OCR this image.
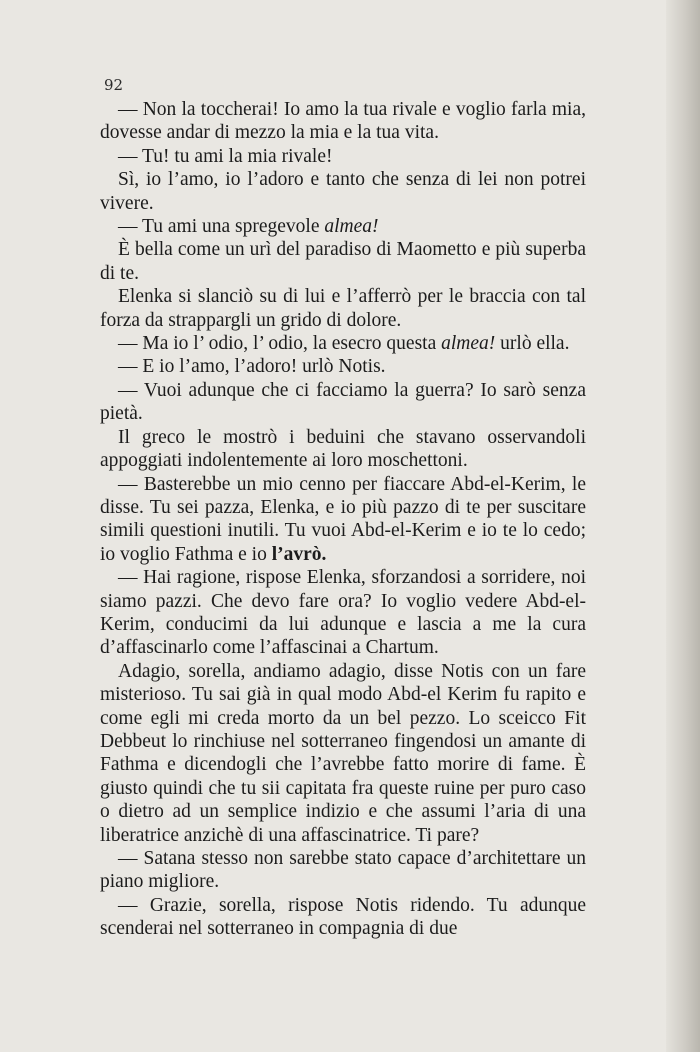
92

— Non la toccherai! Io amo la tua rivale e voglio farla mia, dovesse andar di mezzo la mia e la tua vita.

— Tu! tu ami la mia rivale!

Sì, io l’amo, io l’adoro e tanto che senza di lei non potrei vivere.

— Tu ami una spregevole almea!

È bella come un urì del paradiso di Maometto e più superba di te.

Elenka si slanciò su di lui e l’afferrò per le braccia con tal forza da strappargli un grido di dolore.

— Ma io l’ odio, l’ odio, la esecro questa almea! urlò ella.

— E io l’amo, l’adoro! urlò Notis.

— Vuoi adunque che ci facciamo la guerra? Io sarò senza pietà.

Il greco le mostrò i beduini che stavano osservandoli appoggiati indolentemente ai loro moschettoni.

— Basterebbe un mio cenno per fiaccare Abd-el-Kerim, le disse. Tu sei pazza, Elenka, e io più pazzo di te per suscitare simili questioni inutili. Tu vuoi Abd-el-Kerim e io te lo cedo; io voglio Fathma e io l’avrò.

— Hai ragione, rispose Elenka, sforzandosi a sorridere, noi siamo pazzi. Che devo fare ora? Io voglio vedere Abd-el-Kerim, conducimi da lui adunque e lascia a me la cura d’affascinarlo come l’affascinai a Chartum.

Adagio, sorella, andiamo adagio, disse Notis con un fare misterioso. Tu sai già in qual modo Abd-el Kerim fu rapito e come egli mi creda morto da un bel pezzo. Lo sceicco Fit Debbeut lo rinchiuse nel sotterraneo fingendosi un amante di Fathma e dicendogli che l’avrebbe fatto morire di fame. È giusto quindi che tu sii capitata fra queste ruine per puro caso o dietro ad un semplice indizio e che assumi l’aria di una liberatrice anzichè di una affascinatrice. Ti pare?

— Satana stesso non sarebbe stato capace d’architettare un piano migliore.

— Grazie, sorella, rispose Notis ridendo. Tu adunque scenderai nel sotterraneo in compagnia di due
